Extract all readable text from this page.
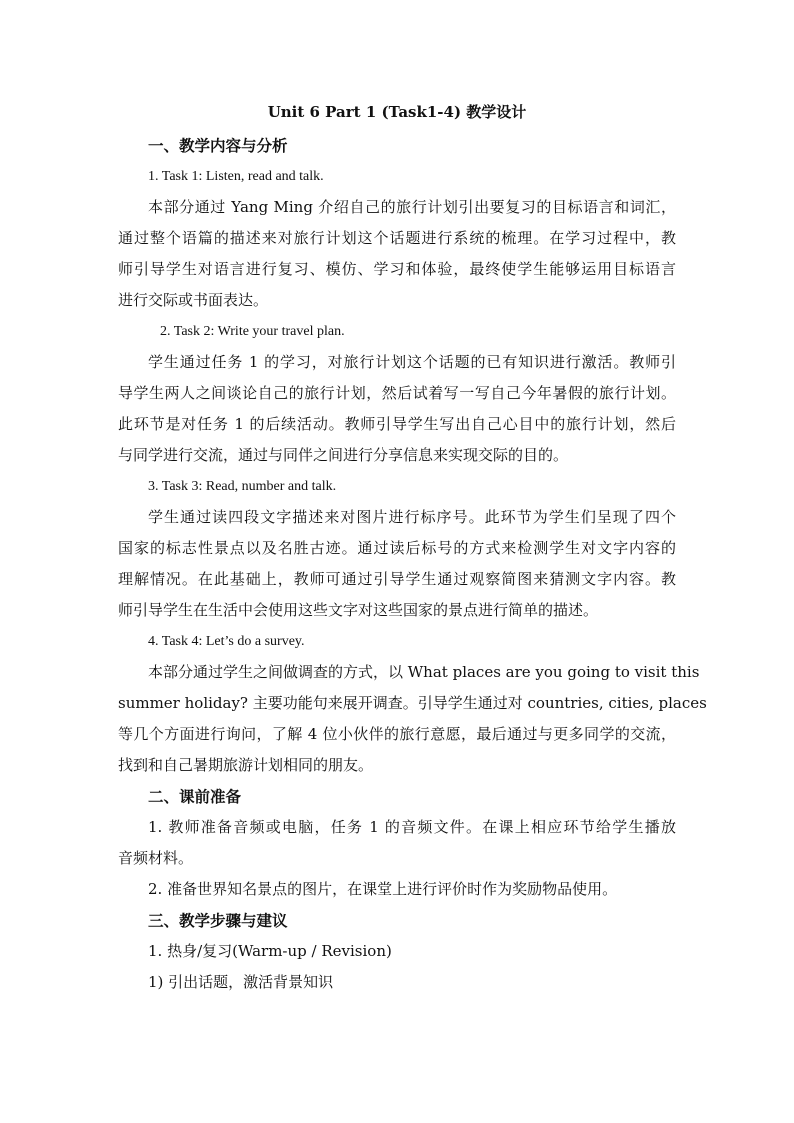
Unit 6 Part 1 (Task1-4) 教学设计
一、教学内容与分析
1. Task 1: Listen, read and talk.
本部分通过 Yang Ming 介绍自己的旅行计划引出要复习的目标语言和词汇，
通过整个语篇的描述来对旅行计划这个话题进行系统的梳理。在学习过程中，教
师引导学生对语言进行复习、模仿、学习和体验，最终使学生能够运用目标语言
进行交际或书面表达。
2. Task 2: Write your travel plan.
学生通过任务 1 的学习，对旅行计划这个话题的已有知识进行激活。教师引
导学生两人之间谈论自己的旅行计划，然后试着写一写自己今年暑假的旅行计划。
此环节是对任务 1 的后续活动。教师引导学生写出自己心目中的旅行计划，然后
与同学进行交流，通过与同伴之间进行分享信息来实现交际的目的。
3. Task 3: Read, number and talk.
学生通过读四段文字描述来对图片进行标序号。此环节为学生们呈现了四个
国家的标志性景点以及名胜古迹。通过读后标号的方式来检测学生对文字内容的
理解情况。在此基础上，教师可通过引导学生通过观察简图来猜测文字内容。教
师引导学生在生活中会使用这些文字对这些国家的景点进行简单的描述。
4. Task 4: Let’s do a survey.
本部分通过学生之间做调查的方式，以 What places are you going to visit this
summer holiday? 主要功能句来展开调查。引导学生通过对 countries, cities, places
等几个方面进行询问，了解 4 位小伙伴的旅行意愿，最后通过与更多同学的交流，
找到和自己暑期旅游计划相同的朋友。
二、课前准备
1. 教师准备音频或电脑，任务 1 的音频文件。在课上相应环节给学生播放
音频材料。
2. 准备世界知名景点的图片，在课堂上进行评价时作为奖励物品使用。
三、教学步骤与建议
1. 热身/复习(Warm-up / Revision)
1) 引出话题，激活背景知识
